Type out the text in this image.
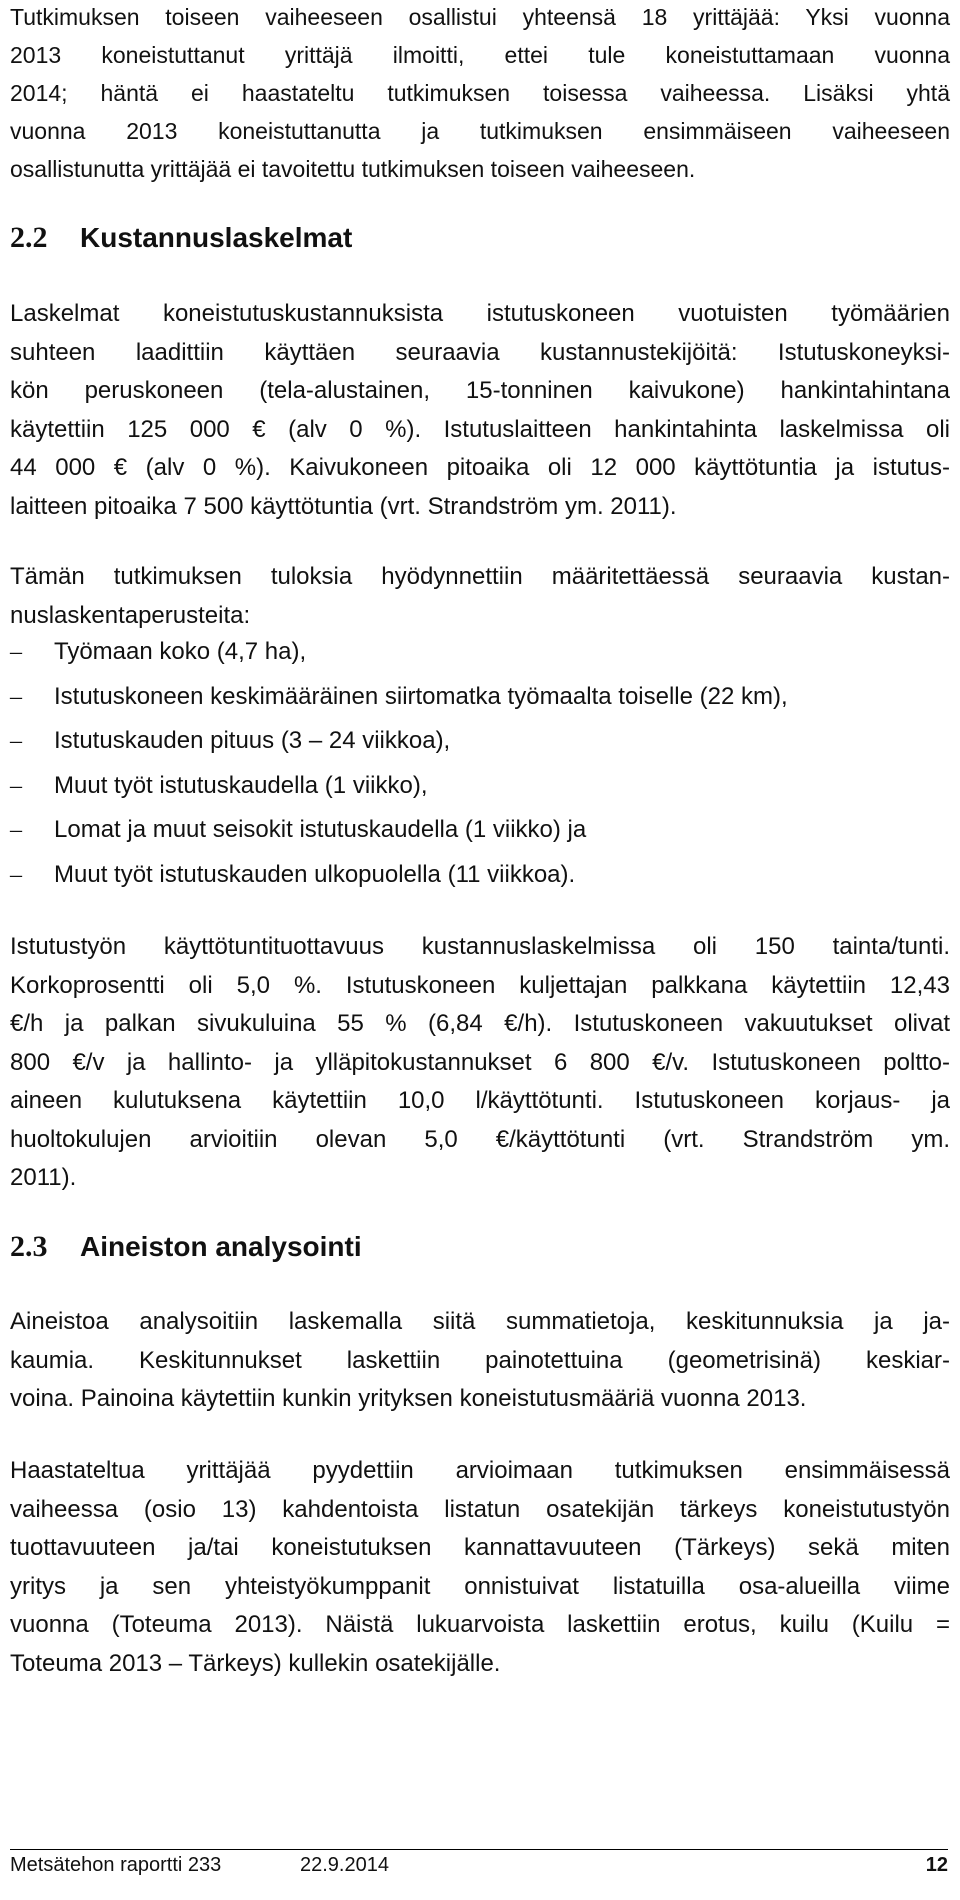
Tutkimuksen toiseen vaiheeseen osallistui yhteensä 18 yrittäjää: Yksi vuonna
2013 koneistuttanut yrittäjä ilmoitti, ettei tule koneistuttamaan vuonna
2014; häntä ei haastateltu tutkimuksen toisessa vaiheessa. Lisäksi yhtä
vuonna 2013 koneistuttanutta ja tutkimuksen ensimmäiseen vaiheeseen
osallistunutta yrittäjää ei tavoitettu tutkimuksen toiseen vaiheeseen.

2.2 Kustannuslaskelmat

Laskelmat koneistutuskustannuksista istutuskoneen vuotuisten työmäärien
suhteen laadittiin käyttäen seuraavia kustannustekijöitä: Istutuskoneyksi-
kön peruskoneen (tela-alustainen, 15-tonninen kaivukone) hankintahintana
käytettiin 125 000 € (alv 0 %). Istutuslaitteen hankintahinta laskelmissa oli
44 000 € (alv 0 %). Kaivukoneen pitoaika oli 12 000 käyttötuntia ja istutus-
laitteen pitoaika 7 500 käyttötuntia (vrt. Strandström ym. 2011).

Tämän tutkimuksen tuloksia hyödynnettiin määritettäessä seuraavia kustan-
nuslaskentaperusteita:

– Työmaan koko (4,7 ha),
– Istutuskoneen keskimääräinen siirtomatka työmaalta toiselle (22 km),
– Istutuskauden pituus (3 – 24 viikkoa),
– Muut työt istutuskaudella (1 viikko),
– Lomat ja muut seisokit istutuskaudella (1 viikko) ja
– Muut työt istutuskauden ulkopuolella (11 viikkoa).

Istutustyön käyttötuntituottavuus kustannuslaskelmissa oli 150 tainta/tunti.
Korkoprosentti oli 5,0 %. Istutuskoneen kuljettajan palkkana käytettiin 12,43
€/h ja palkan sivukuluina 55 % (6,84 €/h). Istutuskoneen vakuutukset olivat
800 €/v ja hallinto- ja ylläpitokustannukset 6 800 €/v. Istutuskoneen poltto-
aineen kulutuksena käytettiin 10,0 l/käyttötunti. Istutuskoneen korjaus- ja
huoltokulujen arvioitiin olevan 5,0 €/käyttötunti (vrt. Strandström ym.
2011).

2.3 Aineiston analysointi

Aineistoa analysoitiin laskemalla siitä summatietoja, keskitunnuksia ja ja-
kaumia. Keskitunnukset laskettiin painotettuina (geometrisinä) keskiar-
voina. Painoina käytettiin kunkin yrityksen koneistutusmääriä vuonna 2013.

Haastateltua yrittäjää pyydettiin arvioimaan tutkimuksen ensimmäisessä
vaiheessa (osio 13) kahdentoista listatun osatekijän tärkeys koneistutustyön
tuottavuuteen ja/tai koneistutuksen kannattavuuteen (Tärkeys) sekä miten
yritys ja sen yhteistyökumppanit onnistuivat listatuilla osa-alueilla viime
vuonna (Toteuma 2013). Näistä lukuarvoista laskettiin erotus, kuilu (Kuilu =
Toteuma 2013 – Tärkeys) kullekin osatekijälle.

Metsätehon raportti 233	22.9.2014	12
